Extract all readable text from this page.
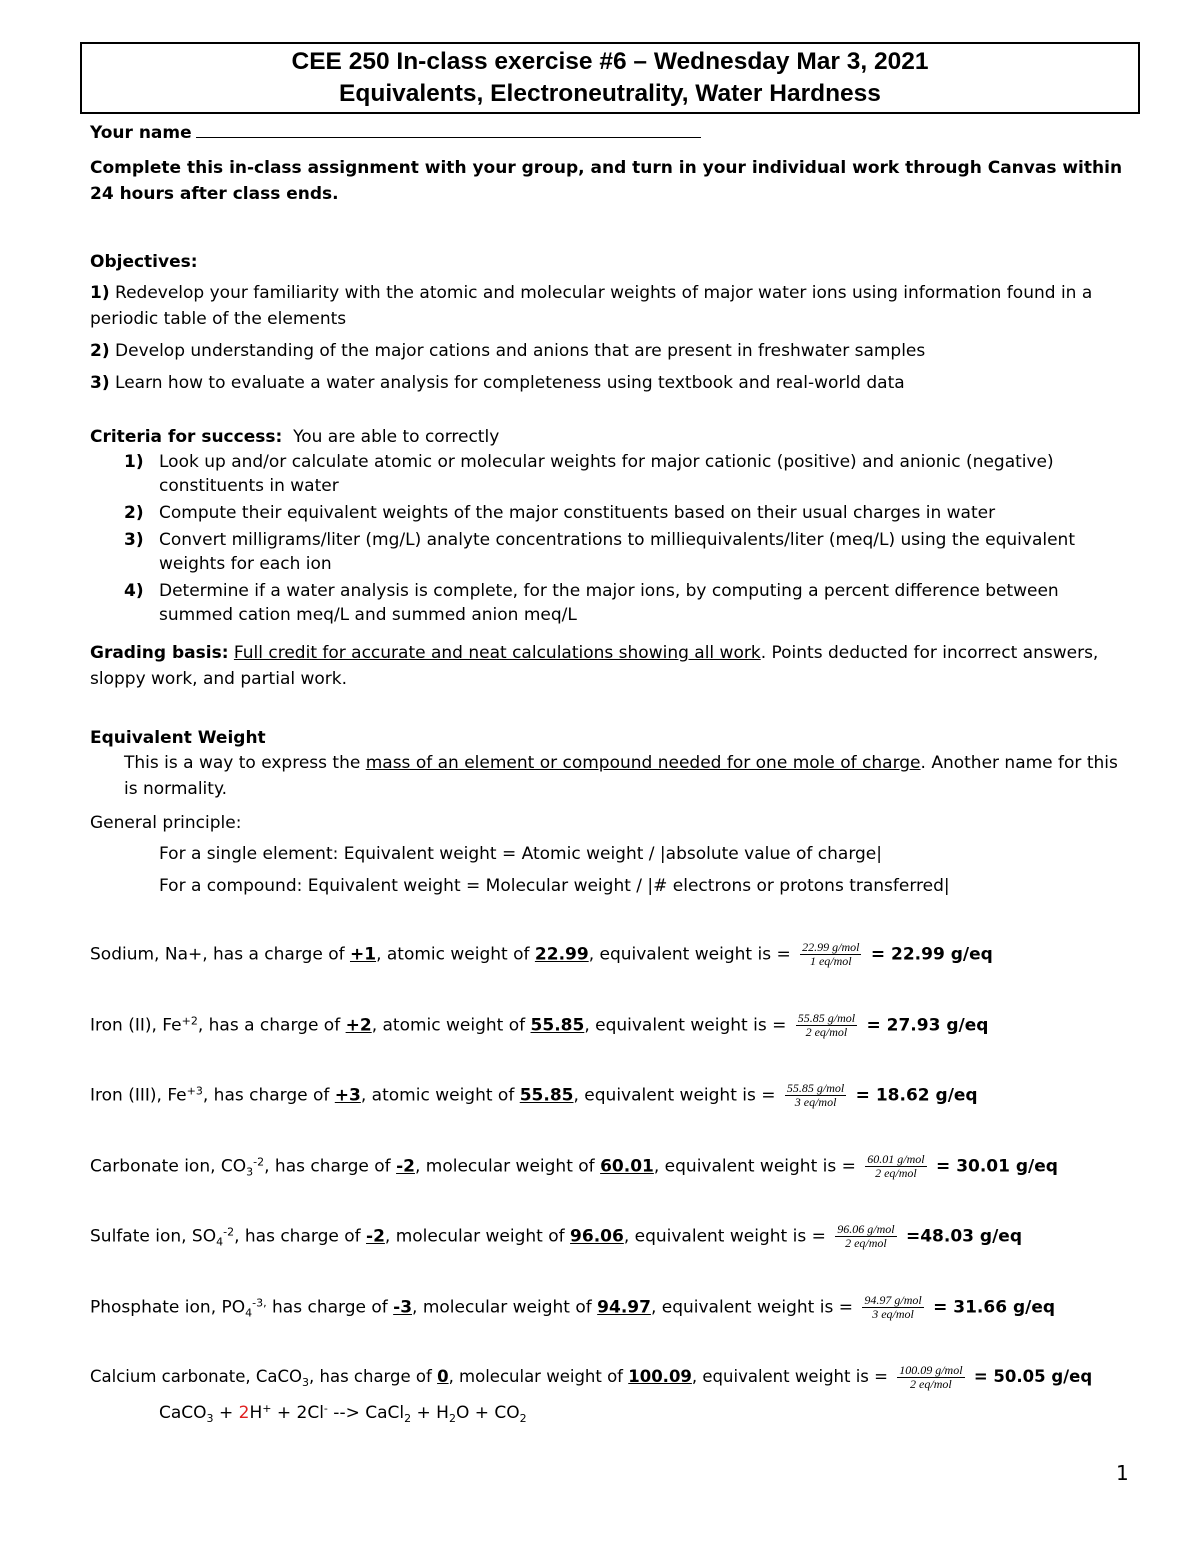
CEE 250 In-class exercise #6 – Wednesday Mar 3, 2021
Equivalents, Electroneutrality, Water Hardness
Your name
Complete this in-class assignment with your group, and turn in your individual work through Canvas within 24 hours after class ends.
Objectives:
1) Redevelop your familiarity with the atomic and molecular weights of major water ions using information found in a periodic table of the elements
2) Develop understanding of the major cations and anions that are present in freshwater samples
3) Learn how to evaluate a water analysis for completeness using textbook and real-world data
Criteria for success: You are able to correctly
1) Look up and/or calculate atomic or molecular weights for major cationic (positive) and anionic (negative) constituents in water
2) Compute their equivalent weights of the major constituents based on their usual charges in water
3) Convert milligrams/liter (mg/L) analyte concentrations to milliequivalents/liter (meq/L) using the equivalent weights for each ion
4) Determine if a water analysis is complete, for the major ions, by computing a percent difference between summed cation meq/L and summed anion meq/L
Grading basis: Full credit for accurate and neat calculations showing all work. Points deducted for incorrect answers, sloppy work, and partial work.
Equivalent Weight
This is a way to express the mass of an element or compound needed for one mole of charge. Another name for this is normality.
General principle:
For a single element: Equivalent weight = Atomic weight / |absolute value of charge|
For a compound: Equivalent weight = Molecular weight / |# electrons or protons transferred|
Sodium, Na+, has a charge of +1, atomic weight of 22.99, equivalent weight is = $\frac{\text{22.99 g/mol}}{\text{1 eq/mol}} = 22.99$ g/eq
Iron (II), $Fe^{+2}$, has a charge of +2, atomic weight of 55.85, equivalent weight is = $\frac{\text{55.85 g/mol}}{\text{2 eq/mol}} = 27.93$ g/eq
Iron (III), $Fe^{+3}$, has charge of +3, atomic weight of 55.85, equivalent weight is = $\frac{\text{55.85 g/mol}}{\text{3 eq/mol}} = 18.62$ g/eq
Carbonate ion, $CO_3^{-2}$, has charge of -2, molecular weight of 60.01, equivalent weight is = $\frac{\text{60.01 g/mol}}{\text{2 eq/mol}} = 30.01$ g/eq
Sulfate ion, $SO_4^{-2}$, has charge of -2, molecular weight of 96.06, equivalent weight is = $\frac{\text{96.06 g/mol}}{\text{2 eq/mol}} =48.03$ g/eq
Phosphate ion, $PO_4^{-3,}$ has charge of -3, molecular weight of 94.97, equivalent weight is = $\frac{\text{94.97 g/mol}}{\text{3 eq/mol}} = 31.66$ g/eq
Calcium carbonate, CaCO$_3$, has charge of 0, molecular weight of 100.09, equivalent weight is = $\frac{\text{100.09 g/mol}}{\text{2 eq/mol}} = 50.05$ g/eq
CaCO$_3$ + 2H+ + 2Cl- --> CaCl$_2$ + $H_2O + CO_2$
1
